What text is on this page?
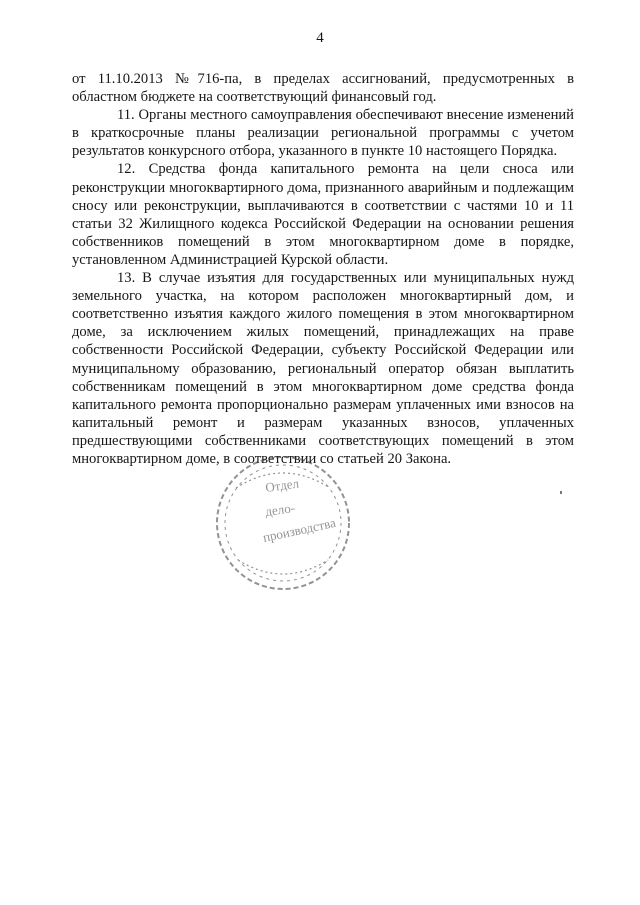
4

от 11.10.2013 №716-па, в пределах ассигнований, предусмотренных в областном бюджете на соответствующий финансовый год.

11. Органы местного самоуправления обеспечивают внесение изменений в краткосрочные планы реализации региональной программы с учетом результатов конкурсного отбора, указанного в пункте 10 настоящего Порядка.

12. Средства фонда капитального ремонта на цели сноса или реконструкции многоквартирного дома, признанного аварийным и подлежащим сносу или реконструкции, выплачиваются в соответствии с частями 10 и 11 статьи 32 Жилищного кодекса Российской Федерации на основании решения собственников помещений в этом многоквартирном доме в порядке, установленном Администрацией Курской области.

13. В случае изъятия для государственных или муниципальных нужд земельного участка, на котором расположен многоквартирный дом, и соответственно изъятия каждого жилого помещения в этом многоквартирном доме, за исключением жилых помещений, принадлежащих на праве собственности Российской Федерации, субъекту Российской Федерации или муниципальному образованию, региональный оператор обязан выплатить собственникам помещений в этом многоквартирном доме средства фонда капитального ремонта пропорционально размерам уплаченных ими взносов на капитальный ремонт и размерам указанных взносов, уплаченных предшествующими собственниками соответствующих помещений в этом многоквартирном доме, в соответствии со статьей 20 Закона.

Отдел
дело-
производства
